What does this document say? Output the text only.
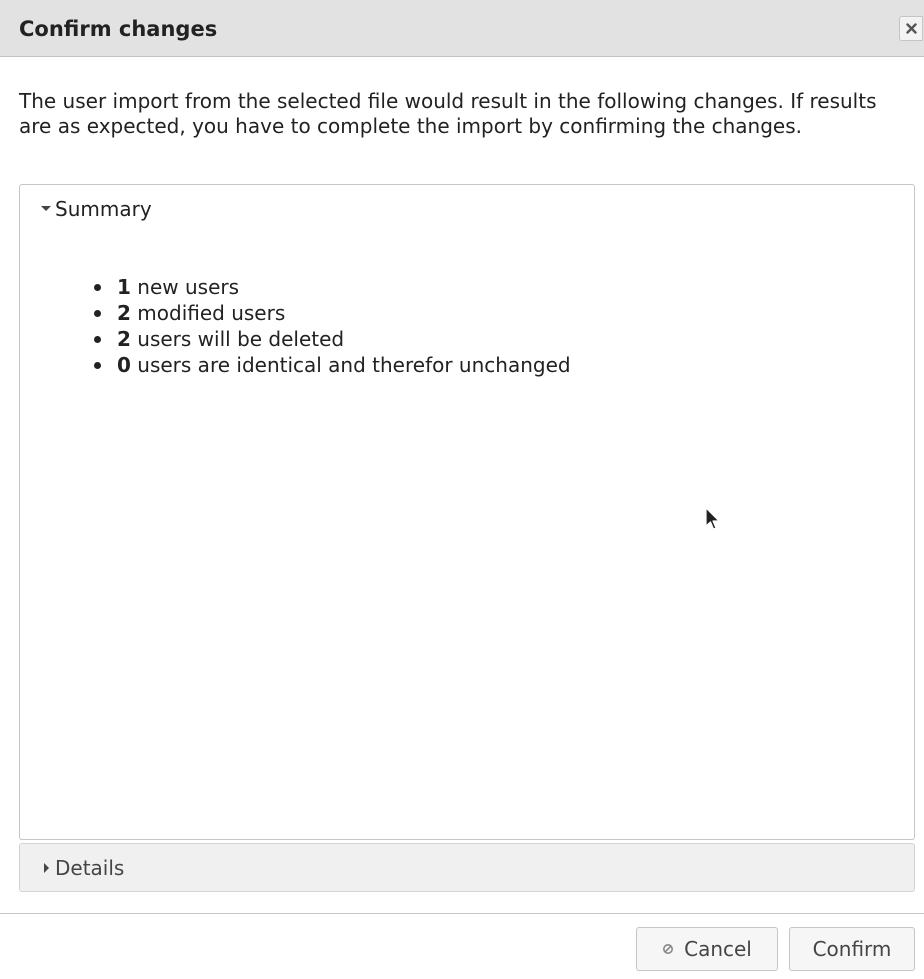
Confirm changes

The user import from the selected file would result in the following changes. If results are as expected, you have to complete the import by confirming the changes.

Summary
1 new users
2 modified users
2 users will be deleted
0 users are identical and therefor unchanged
Details
Cancel	Confirm
